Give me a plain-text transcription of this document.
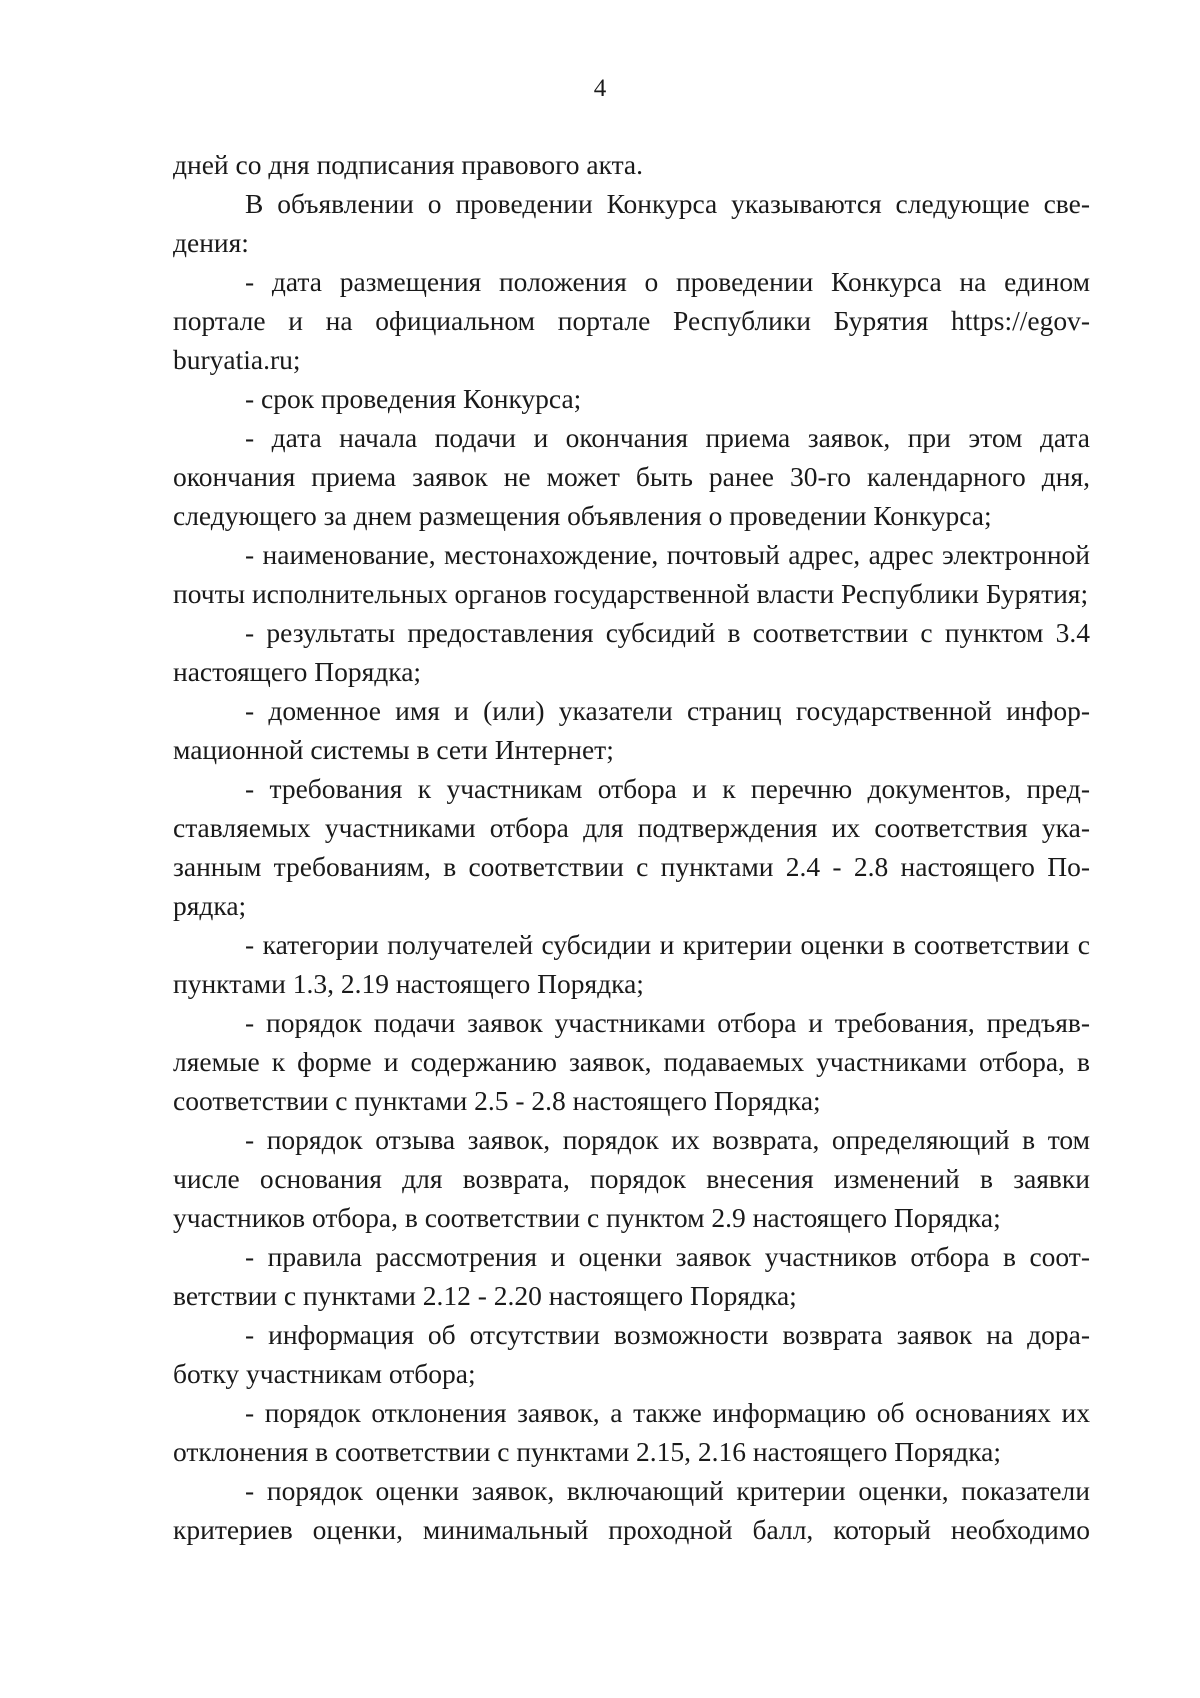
4

дней со дня подписания правового акта.

В объявлении о проведении Конкурса указываются следующие сведения:

- дата размещения положения о проведении Конкурса на едином портале и на официальном портале Республики Бурятия https://egov-buryatia.ru;

- срок проведения Конкурса;

- дата начала подачи и окончания приема заявок, при этом дата окончания приема заявок не может быть ранее 30-го календарного дня, следующего за днем размещения объявления о проведении Конкурса;

- наименование, местонахождение, почтовый адрес, адрес электронной почты исполнительных органов государственной власти Республики Бурятия;

- результаты предоставления субсидий в соответствии с пунктом 3.4 настоящего Порядка;

- доменное имя и (или) указатели страниц государственной информационной системы в сети Интернет;

- требования к участникам отбора и к перечню документов, представляемых участниками отбора для подтверждения их соответствия указанным требованиям, в соответствии с пунктами 2.4 - 2.8 настоящего Порядка;

- категории получателей субсидии и критерии оценки в соответствии с пунктами 1.3, 2.19 настоящего Порядка;

- порядок подачи заявок участниками отбора и требования, предъявляемые к форме и содержанию заявок, подаваемых участниками отбора, в соответствии с пунктами 2.5 - 2.8 настоящего Порядка;

- порядок отзыва заявок, порядок их возврата, определяющий в том числе основания для возврата, порядок внесения изменений в заявки участников отбора, в соответствии с пунктом 2.9 настоящего Порядка;

- правила рассмотрения и оценки заявок участников отбора в соответствии с пунктами 2.12 - 2.20 настоящего Порядка;

- информация об отсутствии возможности возврата заявок на доработку участникам отбора;

- порядок отклонения заявок, а также информацию об основаниях их отклонения в соответствии с пунктами 2.15, 2.16 настоящего Порядка;

- порядок оценки заявок, включающий критерии оценки, показатели критериев оценки, минимальный проходной балл, который необходимо
